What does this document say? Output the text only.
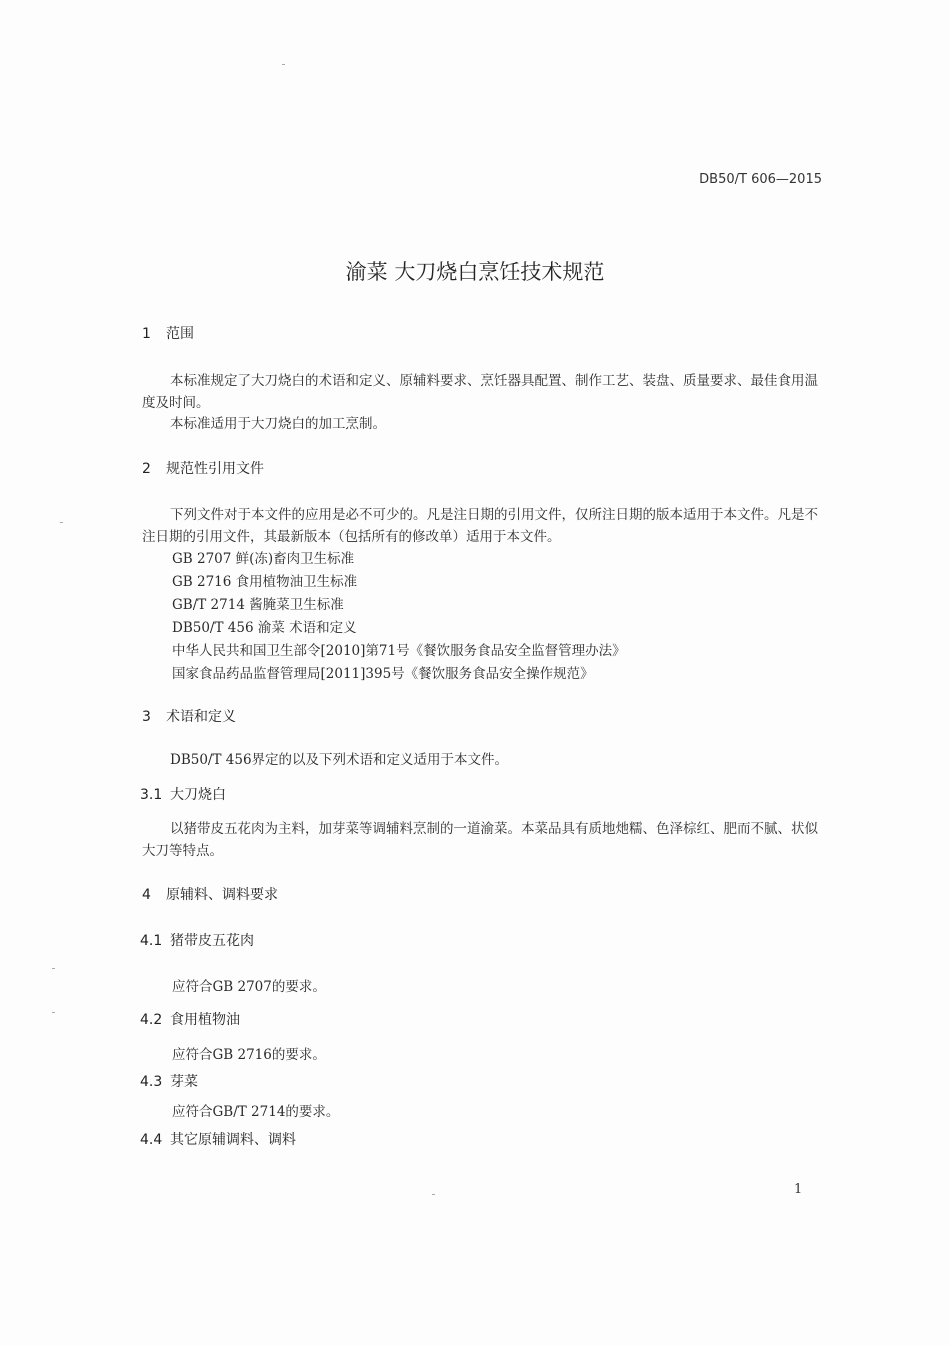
DB50/T 606—2015
渝菜 大刀烧白烹饪技术规范
1 范围
本标准规定了大刀烧白的术语和定义、原辅料要求、烹饪器具配置、制作工艺、装盘、质量要求、最佳食用温度及时间。
本标准适用于大刀烧白的加工烹制。
2 规范性引用文件
下列文件对于本文件的应用是必不可少的。凡是注日期的引用文件，仅所注日期的版本适用于本文件。凡是不注日期的引用文件，其最新版本（包括所有的修改单）适用于本文件。
GB 2707 鲜(冻)畜肉卫生标准
GB 2716 食用植物油卫生标准
GB/T 2714 酱腌菜卫生标准
DB50/T 456 渝菜 术语和定义
中华人民共和国卫生部令[2010]第71号《餐饮服务食品安全监督管理办法》
国家食品药品监督管理局[2011]395号《餐饮服务食品安全操作规范》
3 术语和定义
DB50/T 456界定的以及下列术语和定义适用于本文件。
3.1 大刀烧白
以猪带皮五花肉为主料，加芽菜等调辅料烹制的一道渝菜。本菜品具有质地灺糯、色泽棕红、肥而不腻、状似大刀等特点。
4 原辅料、调料要求
4.1 猪带皮五花肉
应符合GB 2707的要求。
4.2 食用植物油
应符合GB 2716的要求。
4.3 芽菜
应符合GB/T 2714的要求。
4.4 其它原辅调料、调料
1
